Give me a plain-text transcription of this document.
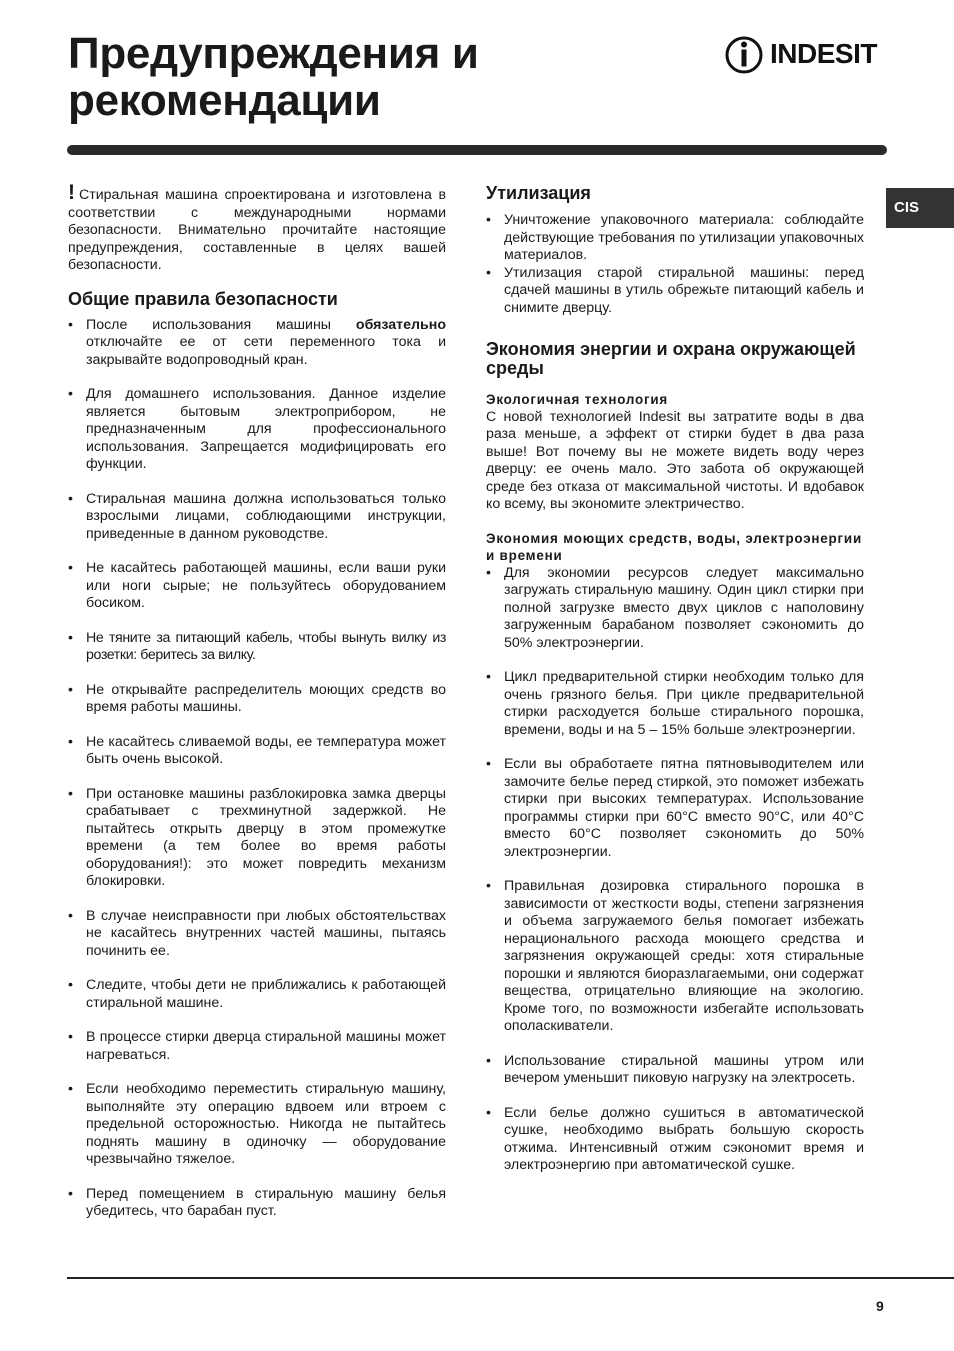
Предупреждения и рекомендации
INDESIT
CIS

! Стиральная машина спроектирована и изготовлена в соответствии с международными нормами безопасности. Внимательно прочитайте настоящие предупреждения, составленные в целях вашей безопасности.

Общие правила безопасности
• После использования машины обязательно отключайте ее от сети переменного тока и закрывайте водопроводный кран.
• Для домашнего использования. Данное изделие является бытовым электроприбором, не предназначенным для профессионального использования. Запрещается модифицировать его функции.
• Стиральная машина должна использоваться только взрослыми лицами, соблюдающими инструкции, приведенные в данном руководстве.
• Не касайтесь работающей машины, если ваши руки или ноги сырые; не пользуйтесь оборудованием босиком.
• Не тяните за питающий кабель, чтобы вынуть вилку из розетки: беритесь за вилку.
• Не открывайте распределитель моющих средств во время работы машины.
• Не касайтесь сливаемой воды, ее температура может быть очень высокой.
• При остановке машины разблокировка замка дверцы срабатывает с трехминутной задержкой. Не пытайтесь открыть дверцу в этом промежутке времени (а тем более во время работы оборудования!): это может повредить механизм блокировки.
• В случае неисправности при любых обстоятельствах не касайтесь внутренних частей машины, пытаясь починить ее.
• Следите, чтобы дети не приближались к работающей стиральной машине.
• В процессе стирки дверца стиральной машины может нагреваться.
• Если необходимо переместить стиральную машину, выполняйте эту операцию вдвоем или втроем с предельной осторожностью. Никогда не пытайтесь поднять машину в одиночку — оборудование чрезвычайно тяжелое.
• Перед помещением в стиральную машину белья убедитесь, что барабан пуст.
Утилизация
• Уничтожение упаковочного материала: соблюдайте действующие требования по утилизации упаковочных материалов.
• Утилизация старой стиральной машины: перед сдачей машины в утиль обрежьте питающий кабель и снимите дверцу.
Экономия энергии и охрана окружающей среды
Экологичная технология

С новой технологией Indesit вы затратите воды в два раза меньше, а эффект от стирки будет в два раза выше! Вот почему вы не можете видеть воду через дверцу: ее очень мало. Это забота об окружающей среде без отказа от максимальной чистоты. И вдобавок ко всему, вы экономите электричество.

Экономия моющих средств, воды, электроэнергии и времени
• Для экономии ресурсов следует максимально загружать стиральную машину. Один цикл стирки при полной загрузке вместо двух циклов с наполовину загруженным барабаном позволяет сэкономить до 50% электроэнергии.
• Цикл предварительной стирки необходим только для очень грязного белья. При цикле предварительной стирки расходуется больше стирального порошка, времени, воды и на 5 – 15% больше электроэнергии.
• Если вы обработаете пятна пятновыводителем или замочите белье перед стиркой, это поможет избежать стирки при высоких температурах. Использование программы стирки при 60°C вместо 90°C, или 40°C вместо 60°C позволяет сэкономить до 50% электроэнергии.
• Правильная дозировка стирального порошка в зависимости от жесткости воды, степени загрязнения и объема загружаемого белья помогает избежать нерационального расхода моющего средства и загрязнения окружающей среды: хотя стиральные порошки и являются биоразлагаемыми, они содержат вещества, отрицательно влияющие на экологию. Кроме того, по возможности избегайте использовать ополаскиватели.
• Использование стиральной машины утром или вечером уменьшит пиковую нагрузку на электросеть.
• Если белье должно сушиться в автоматической сушке, необходимо выбрать большую скорость отжима. Интенсивный отжим сэкономит время и электроэнергию при автоматической сушке.
9
